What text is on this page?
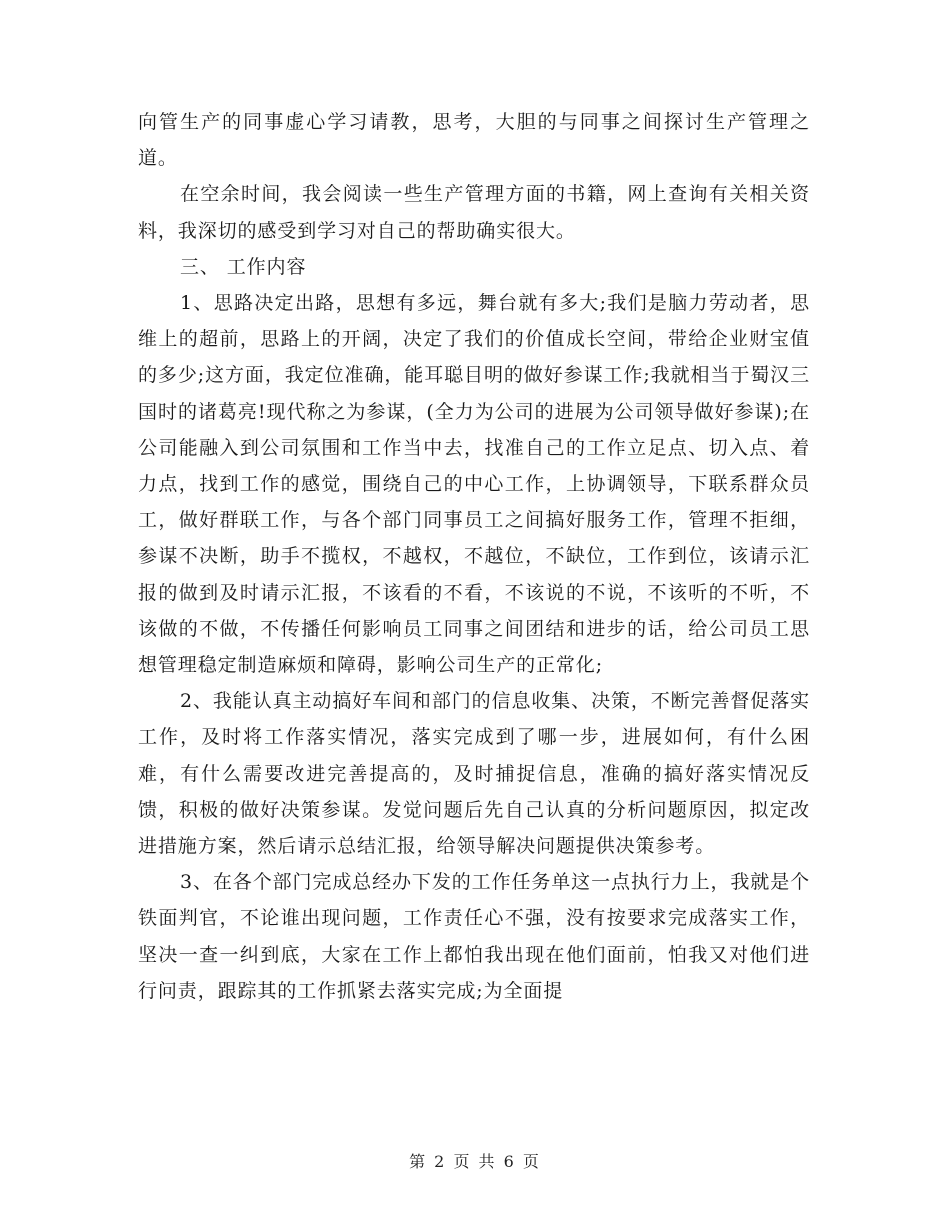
向管生产的同事虚心学习请教，思考，大胆的与同事之间探讨生产管理之道。

在空余时间，我会阅读一些生产管理方面的书籍，网上查询有关相关资料，我深切的感受到学习对自己的帮助确实很大。

三、 工作内容

1、思路决定出路，思想有多远，舞台就有多大;我们是脑力劳动者，思维上的超前，思路上的开阔，决定了我们的价值成长空间，带给企业财宝值的多少;这方面，我定位准确，能耳聪目明的做好参谋工作;我就相当于蜀汉三国时的诸葛亮!现代称之为参谋，(全力为公司的进展为公司领导做好参谋);在公司能融入到公司氛围和工作当中去，找准自己的工作立足点、切入点、着力点，找到工作的感觉，围绕自己的中心工作，上协调领导，下联系群众员工，做好群联工作，与各个部门同事员工之间搞好服务工作，管理不拒细，参谋不决断，助手不揽权，不越权，不越位，不缺位，工作到位，该请示汇报的做到及时请示汇报，不该看的不看，不该说的不说，不该听的不听，不该做的不做，不传播任何影响员工同事之间团结和进步的话，给公司员工思想管理稳定制造麻烦和障碍，影响公司生产的正常化;

2、我能认真主动搞好车间和部门的信息收集、决策，不断完善督促落实工作，及时将工作落实情况，落实完成到了哪一步，进展如何，有什么困难，有什么需要改进完善提高的，及时捕捉信息，准确的搞好落实情况反馈，积极的做好决策参谋。发觉问题后先自己认真的分析问题原因，拟定改进措施方案，然后请示总结汇报，给领导解决问题提供决策参考。

3、在各个部门完成总经办下发的工作任务单这一点执行力上，我就是个铁面判官，不论谁出现问题，工作责任心不强，没有按要求完成落实工作，坚决一查一纠到底，大家在工作上都怕我出现在他们面前，怕我又对他们进行问责，跟踪其的工作抓紧去落实完成;为全面提

第 2 页 共 6 页
